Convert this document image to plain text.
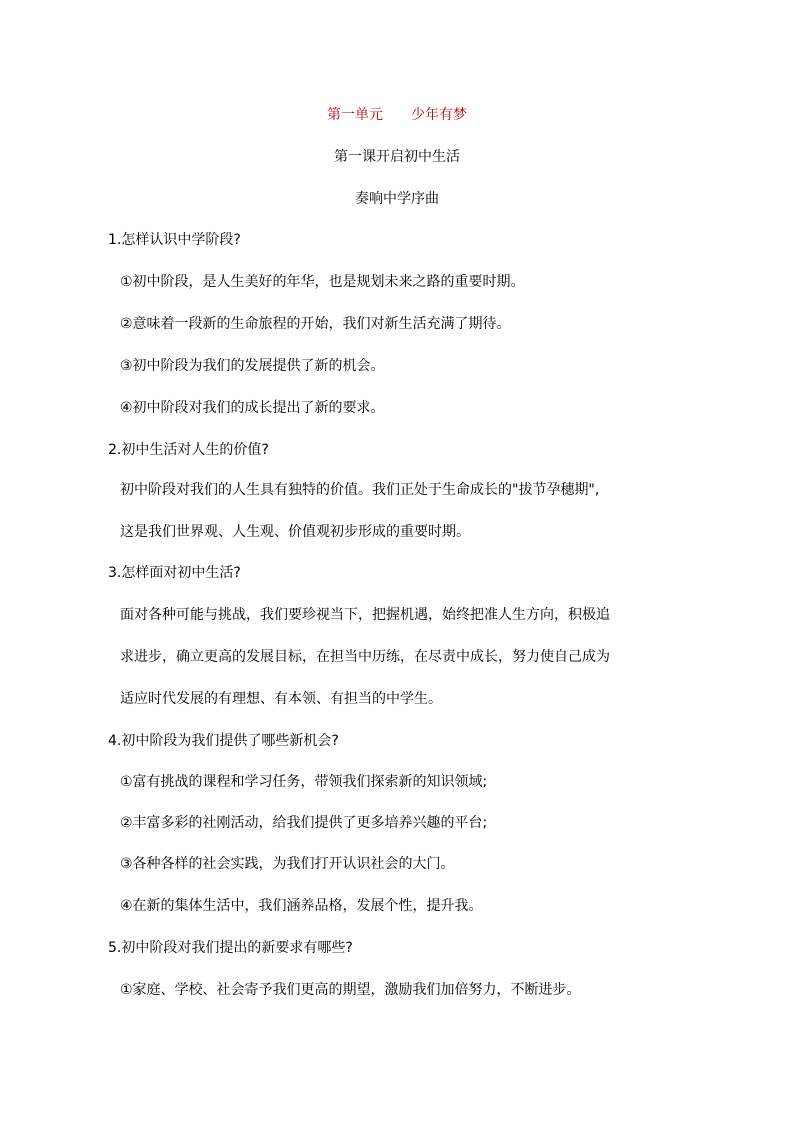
第一单元 少年有梦
第一课开启初中生活
奏响中学序曲
1.怎样认识中学阶段?
①初中阶段，是人生美好的年华，也是规划未来之路的重要时期。
②意味着一段新的生命旅程的开始，我们对新生活充满了期待。
③初中阶段为我们的发展提供了新的机会。
④初中阶段对我们的成长提出了新的要求。
2.初中生活对人生的价值?
初中阶段对我们的人生具有独特的价值。我们正处于生命成长的"拔节孕穗期",
这是我们世界观、人生观、价值观初步形成的重要时期。
3.怎样面对初中生活?
面对各种可能与挑战，我们要珍视当下，把握机遇，始终把准人生方向，积极追
求进步，确立更高的发展目标，在担当中历练，在尽责中成长，努力使自己成为
适应时代发展的有理想、有本领、有担当的中学生。
4.初中阶段为我们提供了哪些新机会?
①富有挑战的课程和学习任务，带领我们探索新的知识领域;
②丰富多彩的社刚活动，给我们提供了更多培养兴趣的平台;
③各种各样的社会实践，为我们打开认识社会的大门。
④在新的集体生活中，我们涵养品格，发展个性，提升我。
5.初中阶段对我们提出的新要求有哪些?
①家庭、学校、社会寄予我们更高的期望，激励我们加倍努力，不断进步。
